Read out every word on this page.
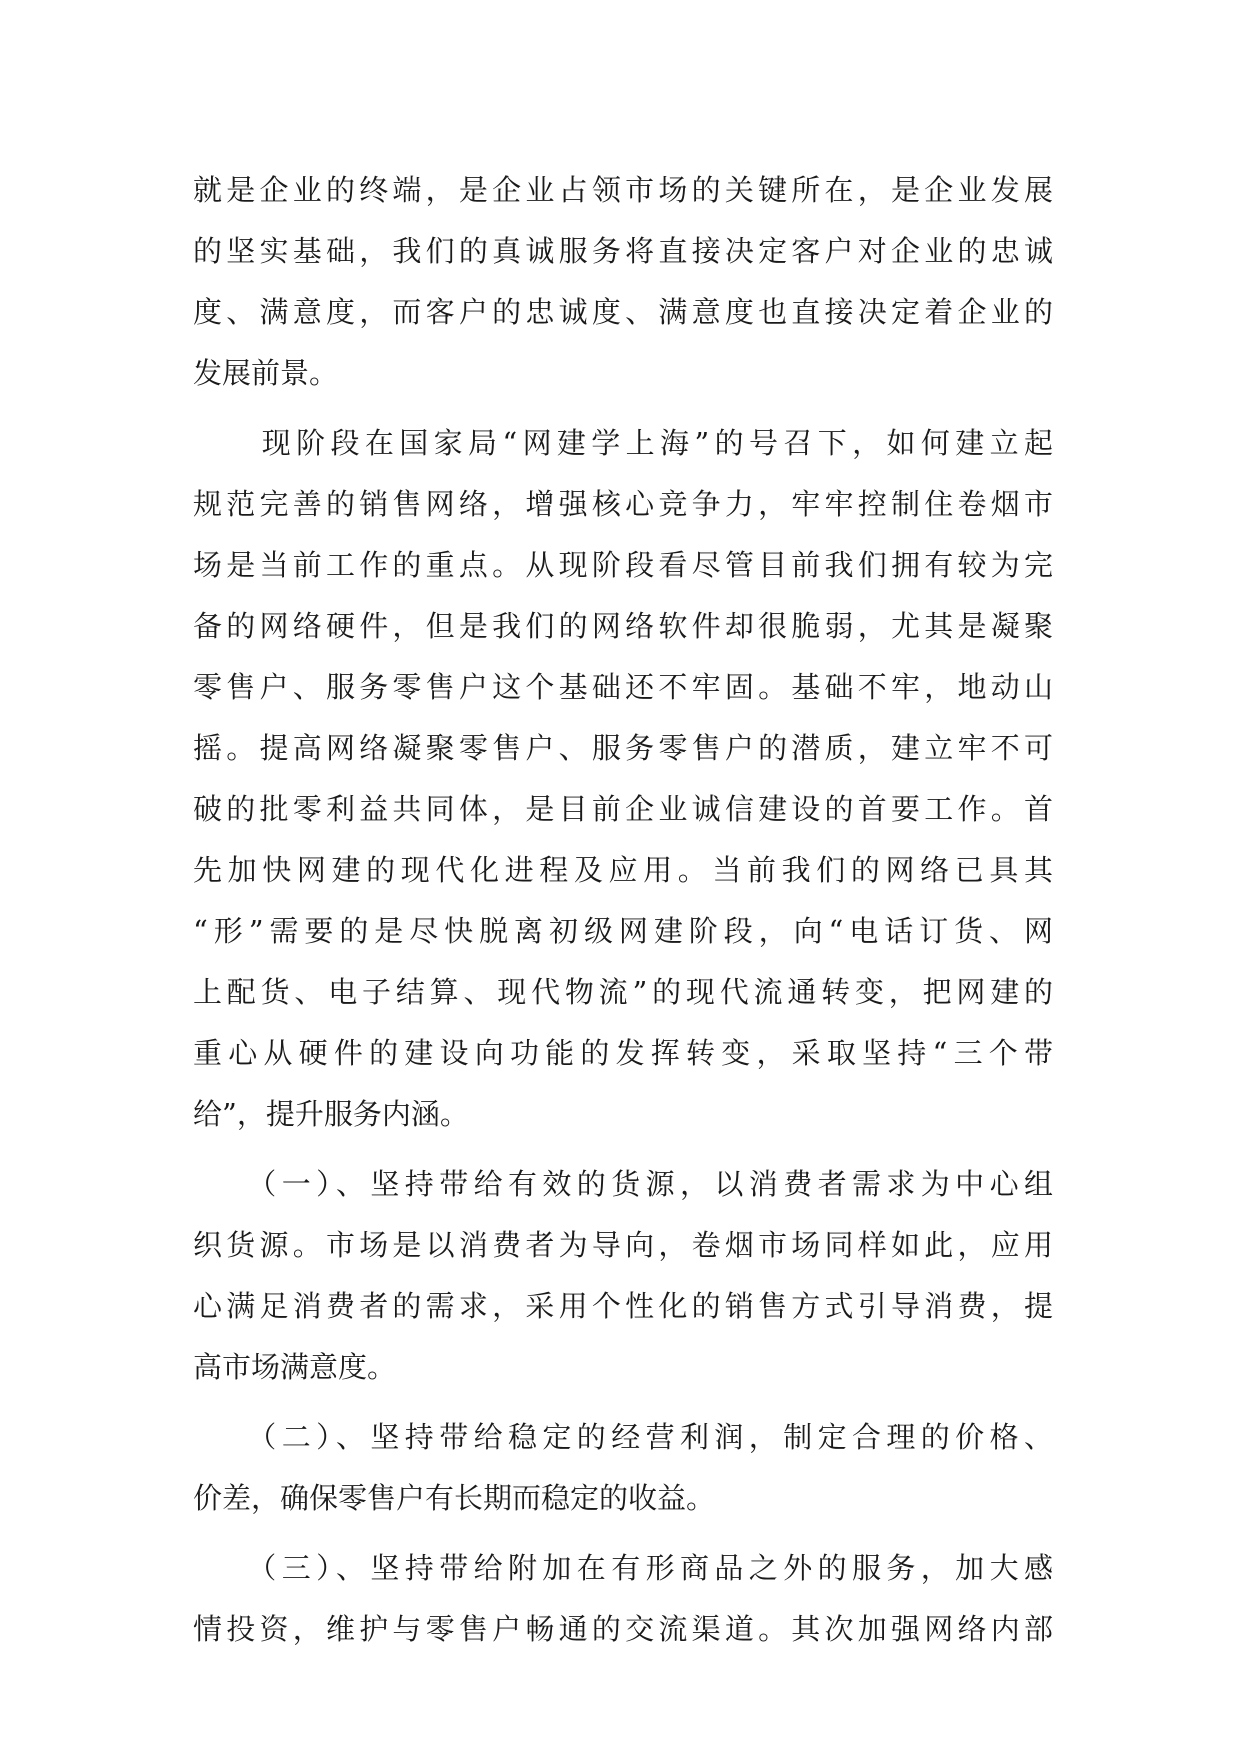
就是企业的终端，是企业占领市场的关键所在，是企业发展
的坚实基础，我们的真诚服务将直接决定客户对企业的忠诚
度、满意度，而客户的忠诚度、满意度也直接决定着企业的
发展前景。
　　现阶段在国家局“网建学上海”的号召下，如何建立起
规范完善的销售网络，增强核心竞争力，牢牢控制住卷烟市
场是当前工作的重点。从现阶段看尽管目前我们拥有较为完
备的网络硬件，但是我们的网络软件却很脆弱，尤其是凝聚
零售户、服务零售户这个基础还不牢固。基础不牢，地动山
摇。提高网络凝聚零售户、服务零售户的潜质，建立牢不可
破的批零利益共同体，是目前企业诚信建设的首要工作。首
先加快网建的现代化进程及应用。当前我们的网络已具其
“形”需要的是尽快脱离初级网建阶段，向“电话订货、网
上配货、电子结算、现代物流”的现代流通转变，把网建的
重心从硬件的建设向功能的发挥转变，采取坚持“三个带
给”，提升服务内涵。
　　（一）、坚持带给有效的货源，以消费者需求为中心组
织货源。市场是以消费者为导向，卷烟市场同样如此，应用
心满足消费者的需求，采用个性化的销售方式引导消费，提
高市场满意度。
　　（二）、坚持带给稳定的经营利润，制定合理的价格、
价差，确保零售户有长期而稳定的收益。
　　（三）、坚持带给附加在有形商品之外的服务，加大感
情投资，维护与零售户畅通的交流渠道。其次加强网络内部
